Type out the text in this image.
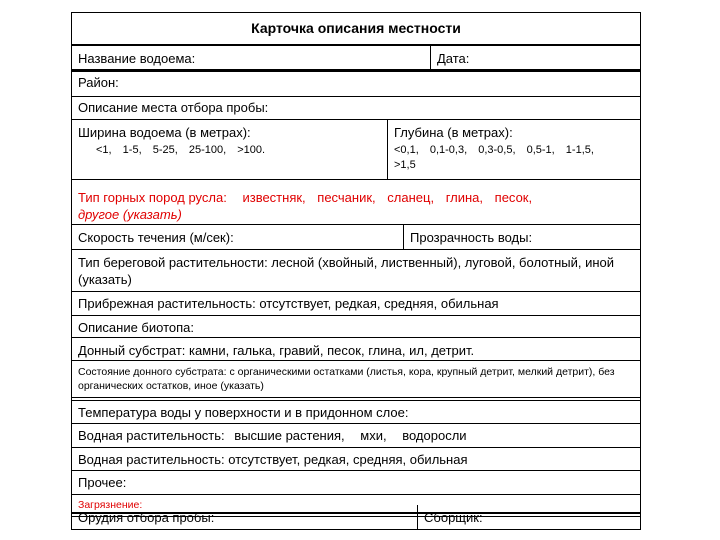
Карточка описания местности
Название водоема:	Дата:
Район:
Описание места отбора пробы:
Ширина водоема (в метрах):
<1, 1-5, 5-25, 25-100, >100.
Глубина (в метрах):
<0,1, 0,1-0,3, 0,3-0,5, 0,5-1, 1-1,5,
>1,5
Тип горных пород русла: известняк, песчаник, сланец, глина, песок,
другое (указать)
Скорость течения (м/сек):	Прозрачность воды:
Тип береговой растительности: лесной (хвойный, лиственный), луговой, болотный, иной (указать)
Прибрежная растительность: отсутствует, редкая, средняя, обильная
Описание биотопа:
Донный субстрат: камни, галька, гравий, песок, глина, ил, детрит.
Состояние донного субстрата: с органическими остатками (листья, кора, крупный детрит, мелкий детрит), без органических остатков, иное (указать)
Температура воды у поверхности и в придонном слое:
Водная растительность: высшие растения, мхи, водоросли
Водная растительность: отсутствует, редкая, средняя, обильная
Прочее:
Загрязнение:
Орудия отбора пробы:	Сборщик:
